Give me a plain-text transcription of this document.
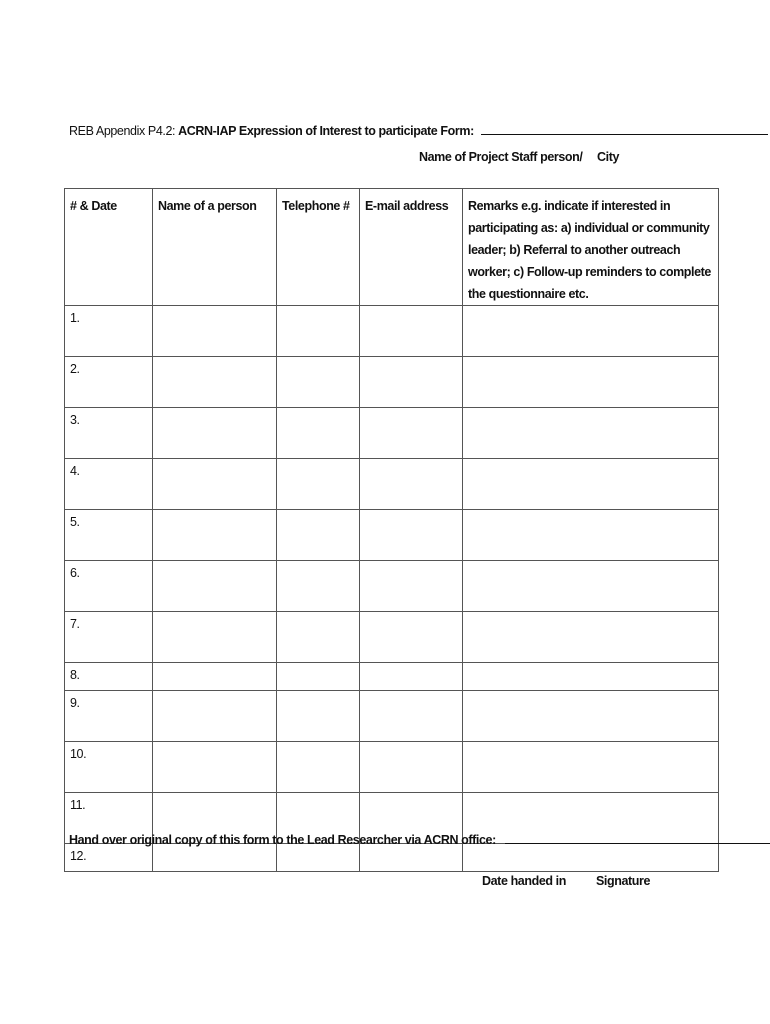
REB Appendix P4.2: ACRN-IAP Expression of Interest to participate Form:
Name of Project Staff person/ City
# & Date	Name of a person	Telephone #	E-mail address	Remarks e.g. indicate if interested in participating as: a) individual or community leader; b) Referral to another outreach worker; c) Follow-up reminders to complete the questionnaire etc.
1.				
2.				
3.				
4.				
5.				
6.				
7.				
8.				
9.				
10.				
11.				
12.				
Hand over original copy of this form to the Lead Researcher via ACRN office:
Date handed in Signature
